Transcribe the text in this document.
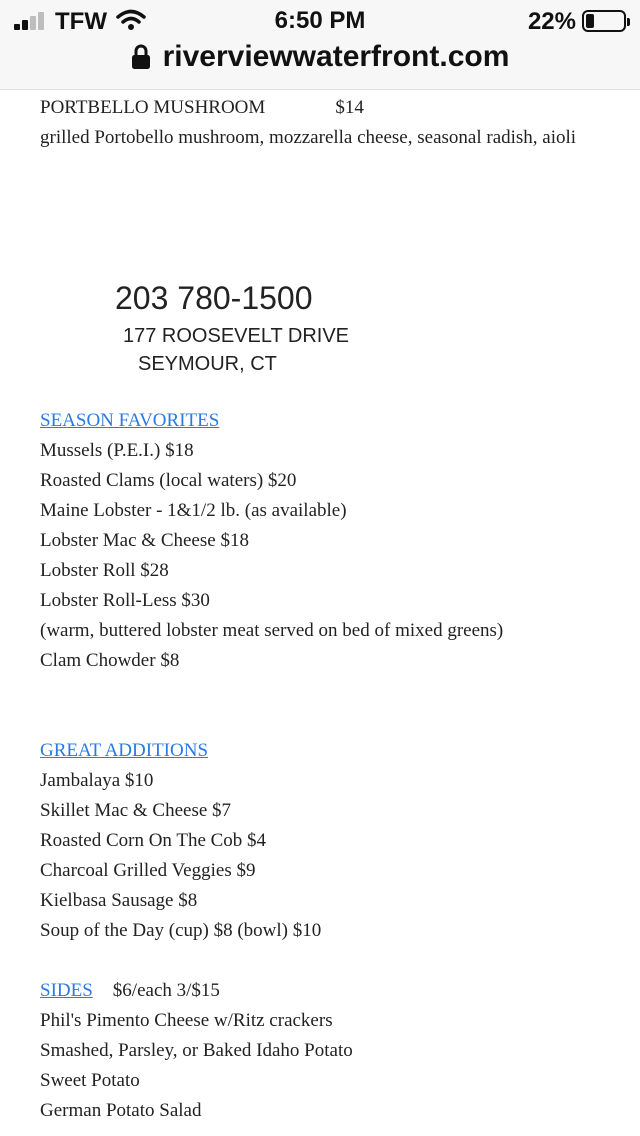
TFW	6:50 PM	22%
riverviewwaterfront.com
PORTBELLO MUSHROOM	$14
grilled Portobello mushroom, mozzarella cheese, seasonal radish, aioli
203 780-1500
177 ROOSEVELT DRIVE
SEYMOUR, CT
SEASON FAVORITES
Mussels (P.E.I.) $18
Roasted Clams (local waters) $20
Maine Lobster - 1&1/2 lb. (as available)
Lobster Mac & Cheese $18
Lobster Roll $28
Lobster Roll-Less $30
(warm, buttered lobster meat served on bed of mixed greens)
Clam Chowder $8
GREAT ADDITIONS
Jambalaya $10
Skillet Mac & Cheese $7
Roasted Corn On The Cob $4
Charcoal Grilled Veggies $9
Kielbasa Sausage $8
Soup of the Day (cup) $8 (bowl) $10
SIDES $6/each 3/$15
Phil's Pimento Cheese w/Ritz crackers
Smashed, Parsley, or Baked Idaho Potato
Sweet Potato
German Potato Salad
